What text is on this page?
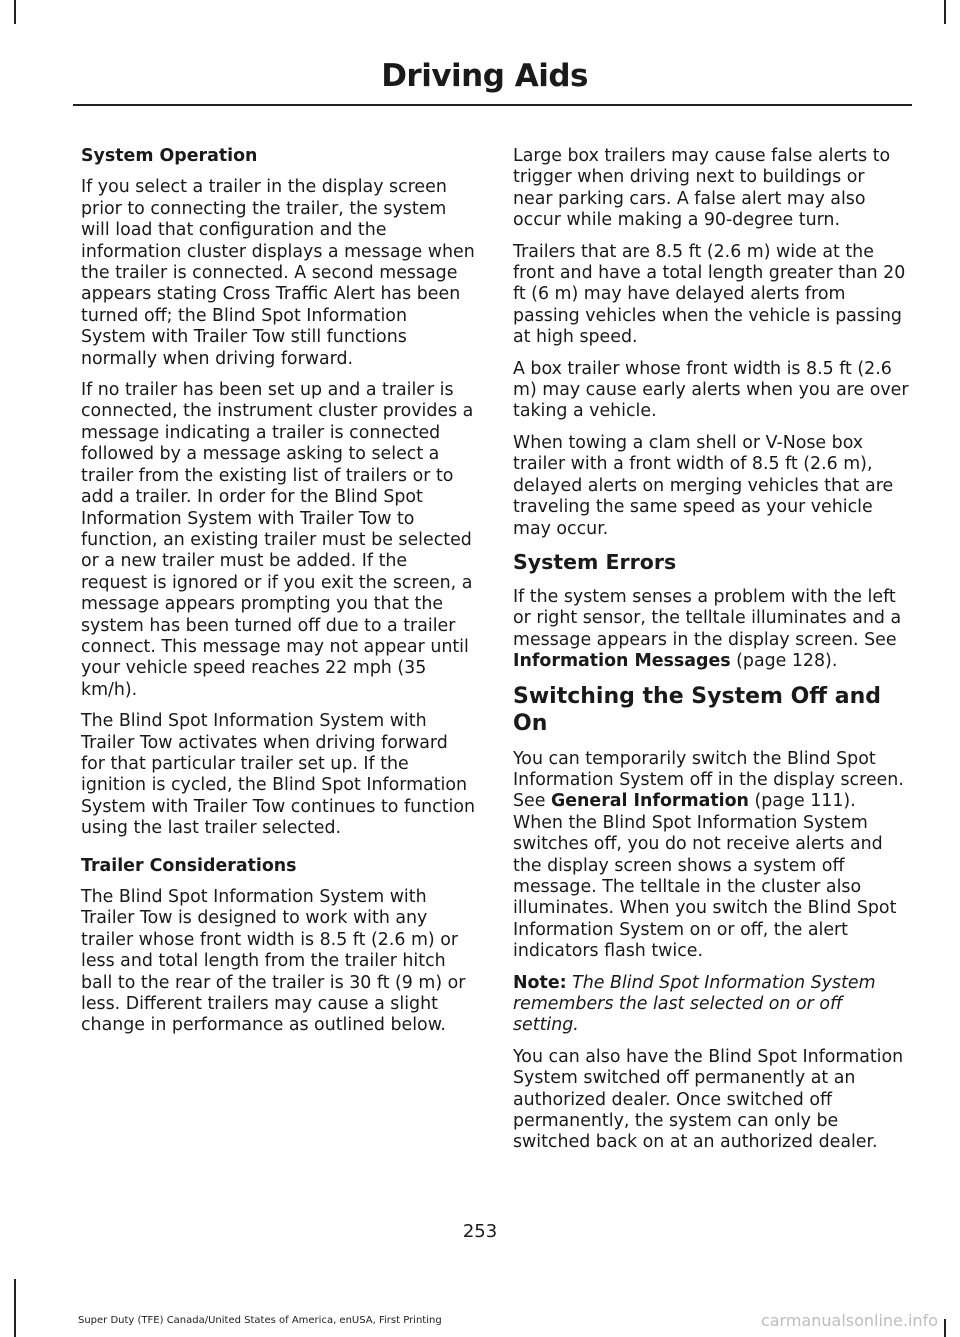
Driving Aids
System Operation

If you select a trailer in the display screen prior to connecting the trailer, the system will load that configuration and the information cluster displays a message when the trailer is connected. A second message appears stating Cross Traffic Alert has been turned off; the Blind Spot Information System with Trailer Tow still functions normally when driving forward.

If no trailer has been set up and a trailer is connected, the instrument cluster provides a message indicating a trailer is connected followed by a message asking to select a trailer from the existing list of trailers or to add a trailer. In order for the Blind Spot Information System with Trailer Tow to function, an existing trailer must be selected or a new trailer must be added. If the request is ignored or if you exit the screen, a message appears prompting you that the system has been turned off due to a trailer connect. This message may not appear until your vehicle speed reaches 22 mph (35 km/h).

The Blind Spot Information System with Trailer Tow activates when driving forward for that particular trailer set up. If the ignition is cycled, the Blind Spot Information System with Trailer Tow continues to function using the last trailer selected.

Trailer Considerations

The Blind Spot Information System with Trailer Tow is designed to work with any trailer whose front width is 8.5 ft (2.6 m) or less and total length from the trailer hitch ball to the rear of the trailer is 30 ft (9 m) or less. Different trailers may cause a slight change in performance as outlined below.

Large box trailers may cause false alerts to trigger when driving next to buildings or near parking cars. A false alert may also occur while making a 90-degree turn.

Trailers that are 8.5 ft (2.6 m) wide at the front and have a total length greater than 20 ft (6 m) may have delayed alerts from passing vehicles when the vehicle is passing at high speed.

A box trailer whose front width is 8.5 ft (2.6 m) may cause early alerts when you are over taking a vehicle.

When towing a clam shell or V-Nose box trailer with a front width of 8.5 ft (2.6 m), delayed alerts on merging vehicles that are traveling the same speed as your vehicle may occur.

System Errors

If the system senses a problem with the left or right sensor, the telltale illuminates and a message appears in the display screen. See Information Messages (page 128).

Switching the System Off and On

You can temporarily switch the Blind Spot Information System off in the display screen. See General Information (page 111). When the Blind Spot Information System switches off, you do not receive alerts and the display screen shows a system off message. The telltale in the cluster also illuminates. When you switch the Blind Spot Information System on or off, the alert indicators flash twice.

Note: The Blind Spot Information System remembers the last selected on or off setting.

You can also have the Blind Spot Information System switched off permanently at an authorized dealer. Once switched off permanently, the system can only be switched back on at an authorized dealer.

253
Super Duty (TFE) Canada/United States of America, enUSA, First Printing	carmanualsonline.info
